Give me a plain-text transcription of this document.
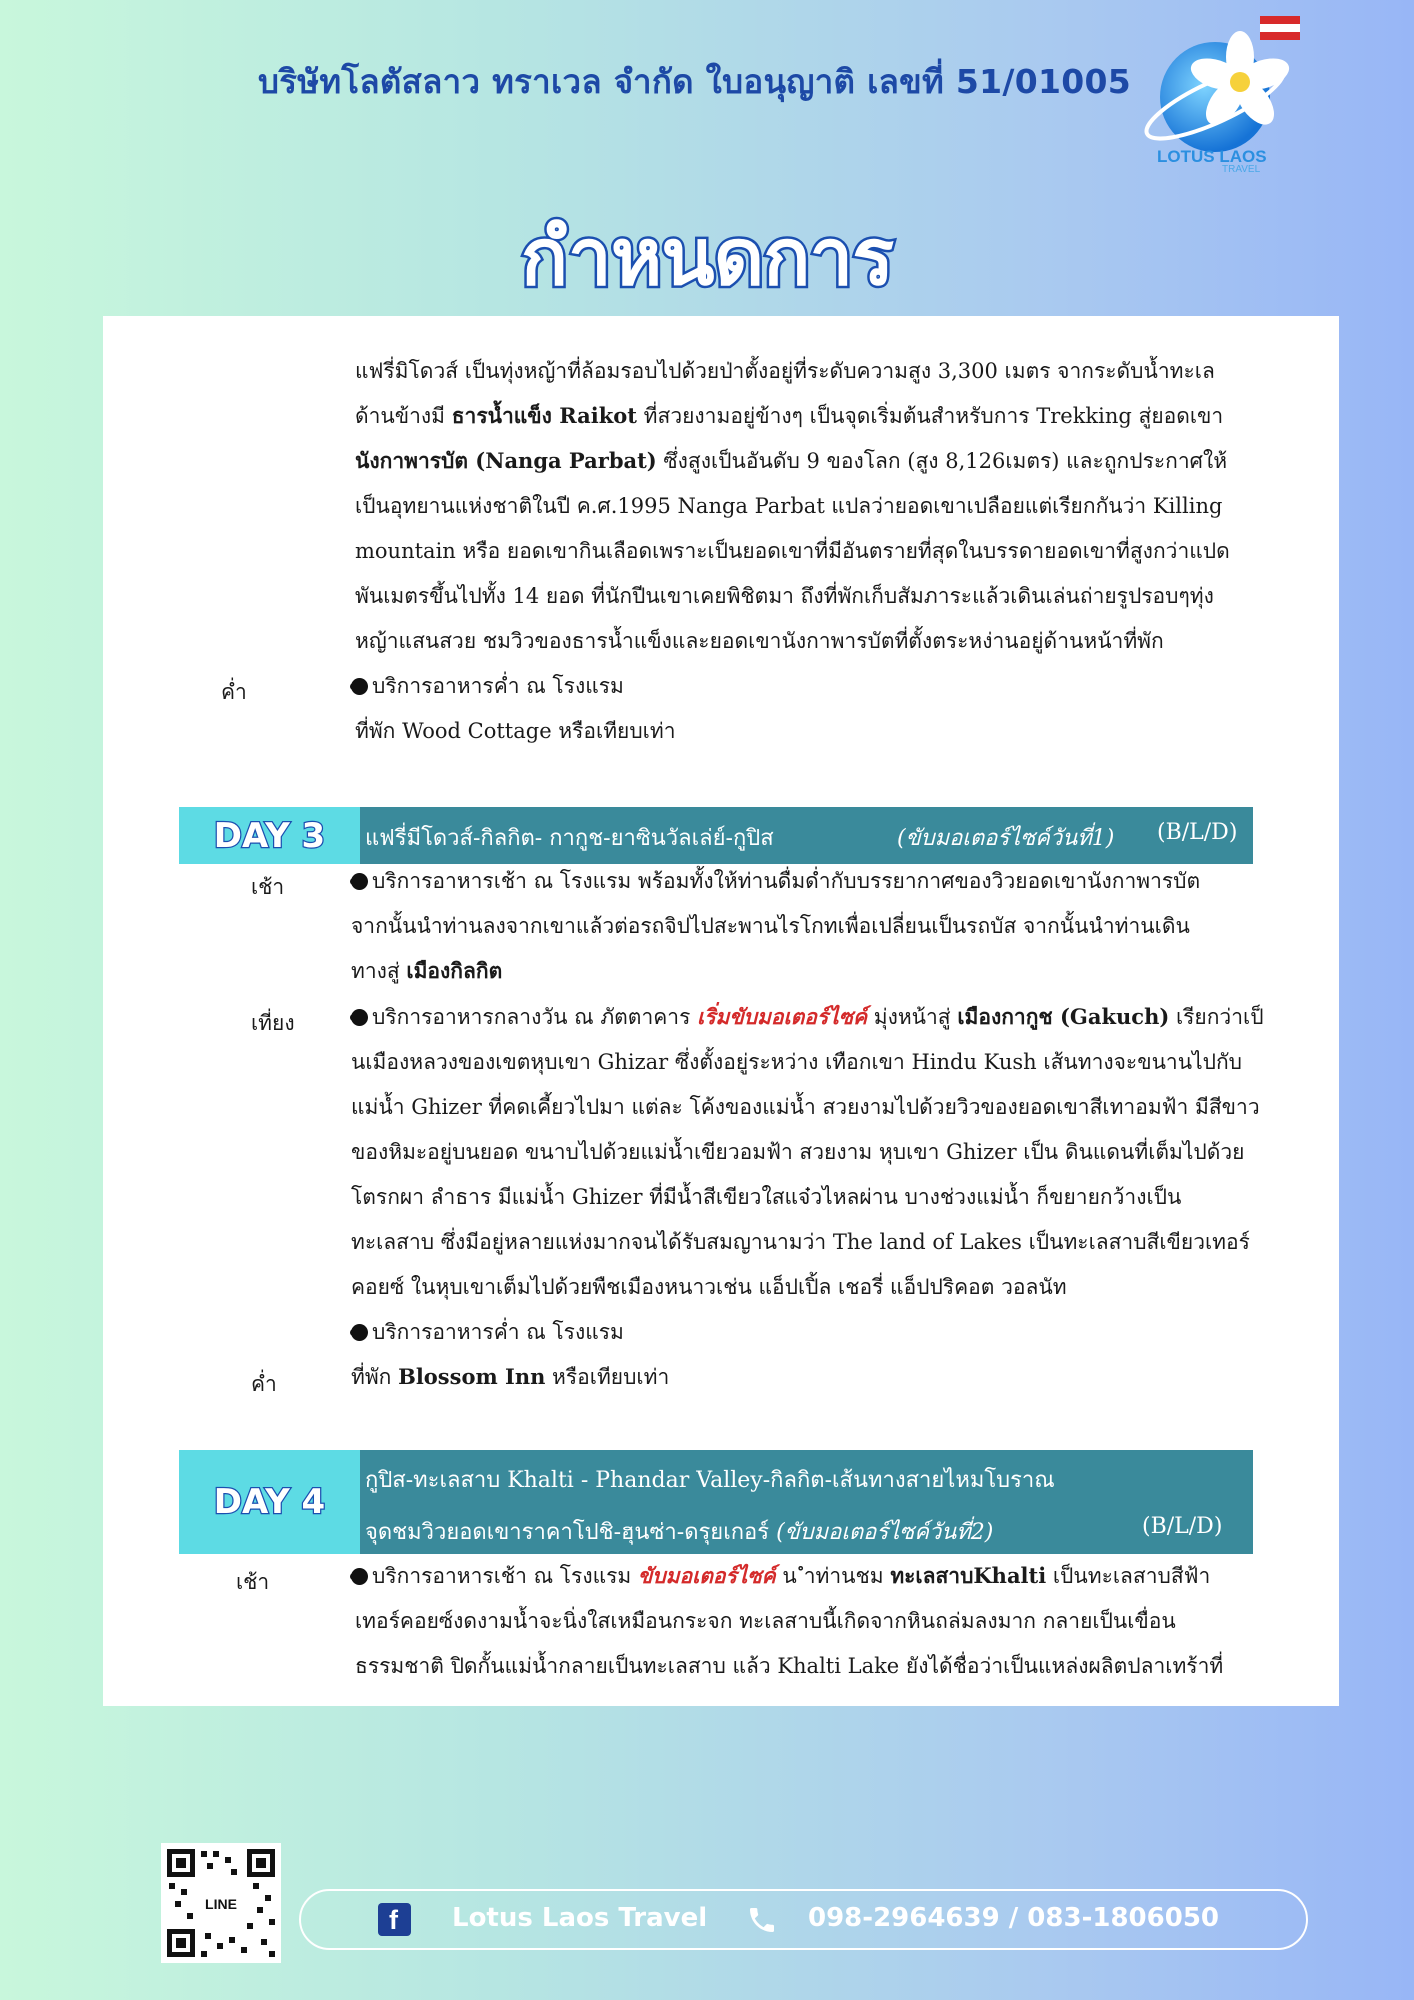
บริษัทโลตัสลาว ทราเวล จำกัด ใบอนุญาติ เลขที่ 51/01005
LOTUS LAOS
TRAVEL
กำหนดการ
แฟรี่มิโดวส์ เป็นทุ่งหญ้าที่ล้อมรอบไปด้วยป่าตั้งอยู่ที่ระดับความสูง 3,300 เมตร จากระดับน้ำทะเล
ด้านข้างมี ธารน้ำแข็ง Raikot ที่สวยงามอยู่ข้างๆ เป็นจุดเริ่มต้นสำหรับการ Trekking สู่ยอดเขา
นังกาพารบัต (Nanga Parbat) ซึ่งสูงเป็นอันดับ 9 ของโลก (สูง 8,126เมตร) และถูกประกาศให้
เป็นอุทยานแห่งชาติในปี ค.ศ.1995 Nanga Parbat แปลว่ายอดเขาเปลือยแต่เรียกกันว่า Killing
mountain หรือ ยอดเขากินเลือดเพราะเป็นยอดเขาที่มีอันตรายที่สุดในบรรดายอดเขาที่สูงกว่าแปด
พันเมตรขึ้นไปทั้ง 14 ยอด ที่นักปีนเขาเคยพิชิตมา ถึงที่พักเก็บสัมภาระแล้วเดินเล่นถ่ายรูปรอบๆทุ่ง
หญ้าแสนสวย ชมวิวของธารน้ำแข็งและยอดเขานังกาพารบัตที่ตั้งตระหง่านอยู่ด้านหน้าที่พัก
ค่ำ	บริการอาหารค่ำ ณ โรงแรม
ที่พัก Wood Cottage หรือเทียบเท่า
DAY 3 แฟรี่มีโดวส์-กิลกิต- กากูช-ยาซินวัลเล่ย์-กูปิส	(ขับมอเตอร์ไซค์วันที่1) (B/L/D)
เช้า	บริการอาหารเช้า ณ โรงแรม พร้อมทั้งให้ท่านดื่มด่ำกับบรรยากาศของวิวยอดเขานังกาพารบัต
จากนั้นนำท่านลงจากเขาแล้วต่อรถจิปไปสะพานไรโกทเพื่อเปลี่ยนเป็นรถบัส จากนั้นนำท่านเดิน
ทางสู่ เมืองกิลกิต
เที่ยง	บริการอาหารกลางวัน ณ ภัตตาคาร เริ่มขับมอเตอร์ไซค์ มุ่งหน้าสู่ เมืองกากูช (Gakuch) เรียกว่าเป็
นเมืองหลวงของเขตหุบเขา Ghizar ซึ่งตั้งอยู่ระหว่าง เทือกเขา Hindu Kush เส้นทางจะขนานไปกับ
แม่น้ำ Ghizer ที่คดเคี้ยวไปมา แต่ละ โค้งของแม่น้ำ สวยงามไปด้วยวิวของยอดเขาสีเทาอมฟ้า มีสีขาว
ของหิมะอยู่บนยอด ขนาบไปด้วยแม่น้ำเขียวอมฟ้า สวยงาม หุบเขา Ghizer เป็น ดินแดนที่เต็มไปด้วย
โตรกผา ลำธาร มีแม่น้ำ Ghizer ที่มีน้ำสีเขียวใสแจ๋วไหลผ่าน บางช่วงแม่น้ำ ก็ขยายกว้างเป็น
ทะเลสาบ ซึ่งมีอยู่หลายแห่งมากจนได้รับสมญานามว่า The land of Lakes เป็นทะเลสาบสีเขียวเทอร์
คอยซ์ ในหุบเขาเต็มไปด้วยพืชเมืองหนาวเช่น แอ็ปเปิ้ล เชอรี่ แอ็ปปริคอต วอลนัท
บริการอาหารค่ำ ณ โรงแรม
ค่ำ	ที่พัก Blossom Inn หรือเทียบเท่า
DAY 4
กูปิส-ทะเลสาบ Khalti - Phandar Valley-กิลกิต-เส้นทางสายไหมโบราณ
จุดชมวิวยอดเขาราคาโปชิ-ฮุนซ่า-ดรุยเกอร์ (ขับมอเตอร์ไซค์วันที่2)	(B/L/D)
เช้า	บริการอาหารเช้า ณ โรงแรม ขับมอเตอร์ไซค์ น ำท่านชม ทะเลสาบKhalti เป็นทะเลสาบสีฟ้า
เทอร์คอยซ์งดงามน้ำจะนิ่งใสเหมือนกระจก ทะเลสาบนี้เกิดจากหินถล่มลงมาก กลายเป็นเขื่อน
ธรรมชาติ ปิดกั้นแม่น้ำกลายเป็นทะเลสาบ แล้ว Khalti Lake ยังได้ชื่อว่าเป็นแหล่งผลิตปลาเทร้าที่
LINE
f Lotus Laos Travel	098-2964639 / 083-1806050
